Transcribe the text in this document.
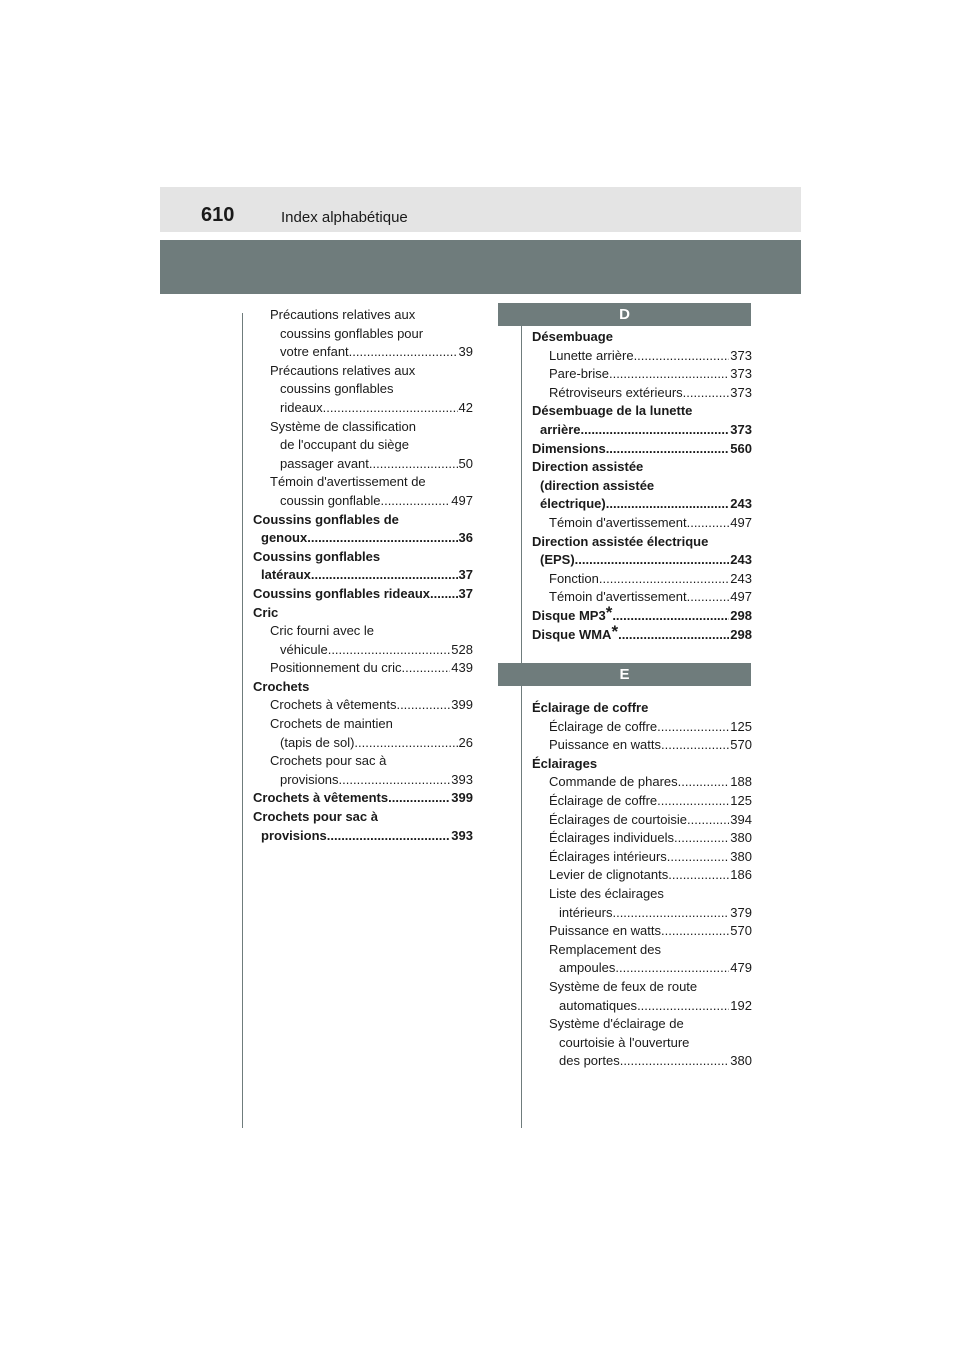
610	Index alphabétique
Précautions relatives aux
coussins gonflables pour
votre enfant .....	39
Précautions relatives aux
coussins gonflables
rideaux .....	42
Système de classification
de l'occupant du siège
passager avant .....	50
Témoin d'avertissement de
coussin gonflable .....	497
Coussins gonflables de
genoux .....	36
Coussins gonflables
latéraux .....	37
Coussins gonflables rideaux ..... 37
Cric
Cric fourni avec le
véhicule .....	528
Positionnement du cric .....	439
Crochets
Crochets à vêtements .....	399
Crochets de maintien
(tapis de sol) .....	26
Crochets pour sac à
provisions .....	393
Crochets à vêtements .....	399
Crochets pour sac à
provisions .....	393
D
E
Désembuage
Lunette arrière .....	373
Pare-brise .....	373
Rétroviseurs extérieurs .....	373
Désembuage de la lunette
arrière .....	373
Dimensions .....	560
Direction assistée
(direction assistée
électrique) .....	243
Témoin d'avertissement .....	497
Direction assistée électrique
(EPS) .....	243
Fonction .....	243
Témoin d'avertissement .....	497
Disque MP3* .....	298
Disque WMA* .....	298
Éclairage de coffre
Éclairage de coffre .....	125
Puissance en watts .....	570
Éclairages
Commande de phares .....	188
Éclairage de coffre .....	125
Éclairages de courtoisie .....	394
Éclairages individuels .....	380
Éclairages intérieurs .....	380
Levier de clignotants .....	186
Liste des éclairages
intérieurs .....	379
Puissance en watts .....	570
Remplacement des
ampoules .....	479
Système de feux de route
automatiques .....	192
Système d'éclairage de
courtoisie à l'ouverture
des portes .....	380
